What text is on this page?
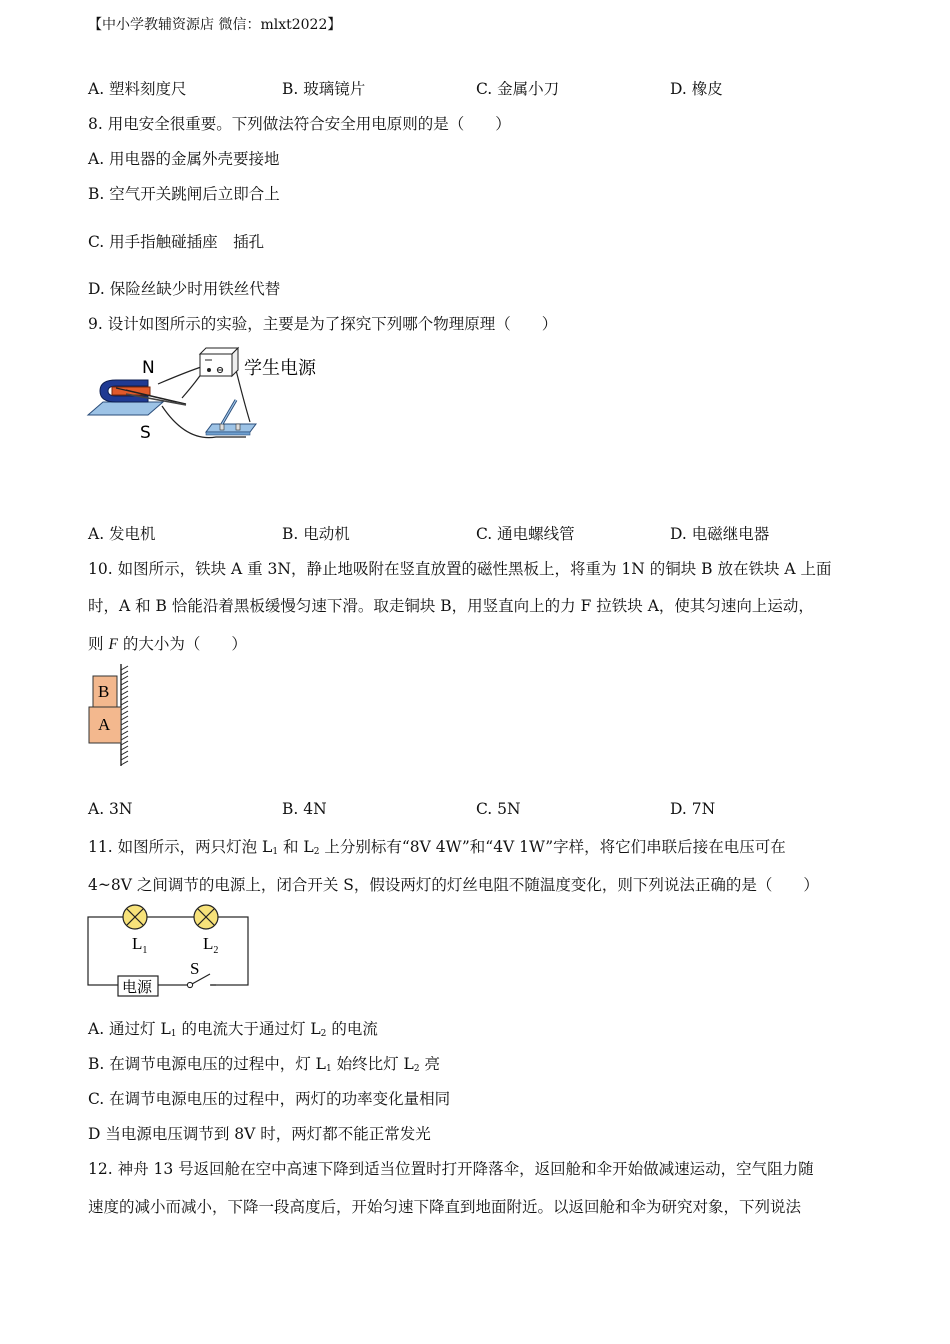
【中小学教辅资源店 微信：mlxt2022】
A. 塑料刻度尺	B. 玻璃镜片	C. 金属小刀	D. 橡皮
8. 用电安全很重要。下列做法符合安全用电原则的是（　　）
A. 用电器的金属外壳要接地
B. 空气开关跳闸后立即合上
C. 用手指触碰插座　插孔
D. 保险丝缺少时用铁丝代替
9. 设计如图所示的实验，主要是为了探究下列哪个物理原理（　　）
N
S
学生电源
A. 发电机	B. 电动机	C. 通电螺线管	D. 电磁继电器
10. 如图所示，铁块 A 重 3N，静止地吸附在竖直放置的磁性黑板上，将重为 1N 的铜块 B 放在铁块 A 上面
时，A 和 B 恰能沿着黑板缓慢匀速下滑。取走铜块 B，用竖直向上的力 F 拉铁块 A，使其匀速向上运动，
则 F 的大小为（　　）
B
A
A. 3N	B. 4N	C. 5N	D. 7N
11. 如图所示，两只灯泡 $L_1$ 和 $L_2$ 上分别标有“8V 4W”和“4V 1W”字样，将它们串联后接在电压可在
4~8V 之间调节的电源上，闭合开关 S，假设两灯的灯丝电阻不随温度变化，则下列说法正确的是（　　）
$L_1$	$L_2$
电源
S
A. 通过灯 $L_1$ 的电流大于通过灯 $L_2$ 的电流
B. 在调节电源电压的过程中，灯 $L_1$ 始终比灯 $L_2$ 亮
C. 在调节电源电压的过程中，两灯的功率变化量相同
D 当电源电压调节到 8V 时，两灯都不能正常发光
12. 神舟 13 号返回舱在空中高速下降到适当位置时打开降落伞，返回舱和伞开始做减速运动，空气阻力随
速度的减小而减小，下降一段高度后，开始匀速下降直到地面附近。以返回舱和伞为研究对象，下列说法
